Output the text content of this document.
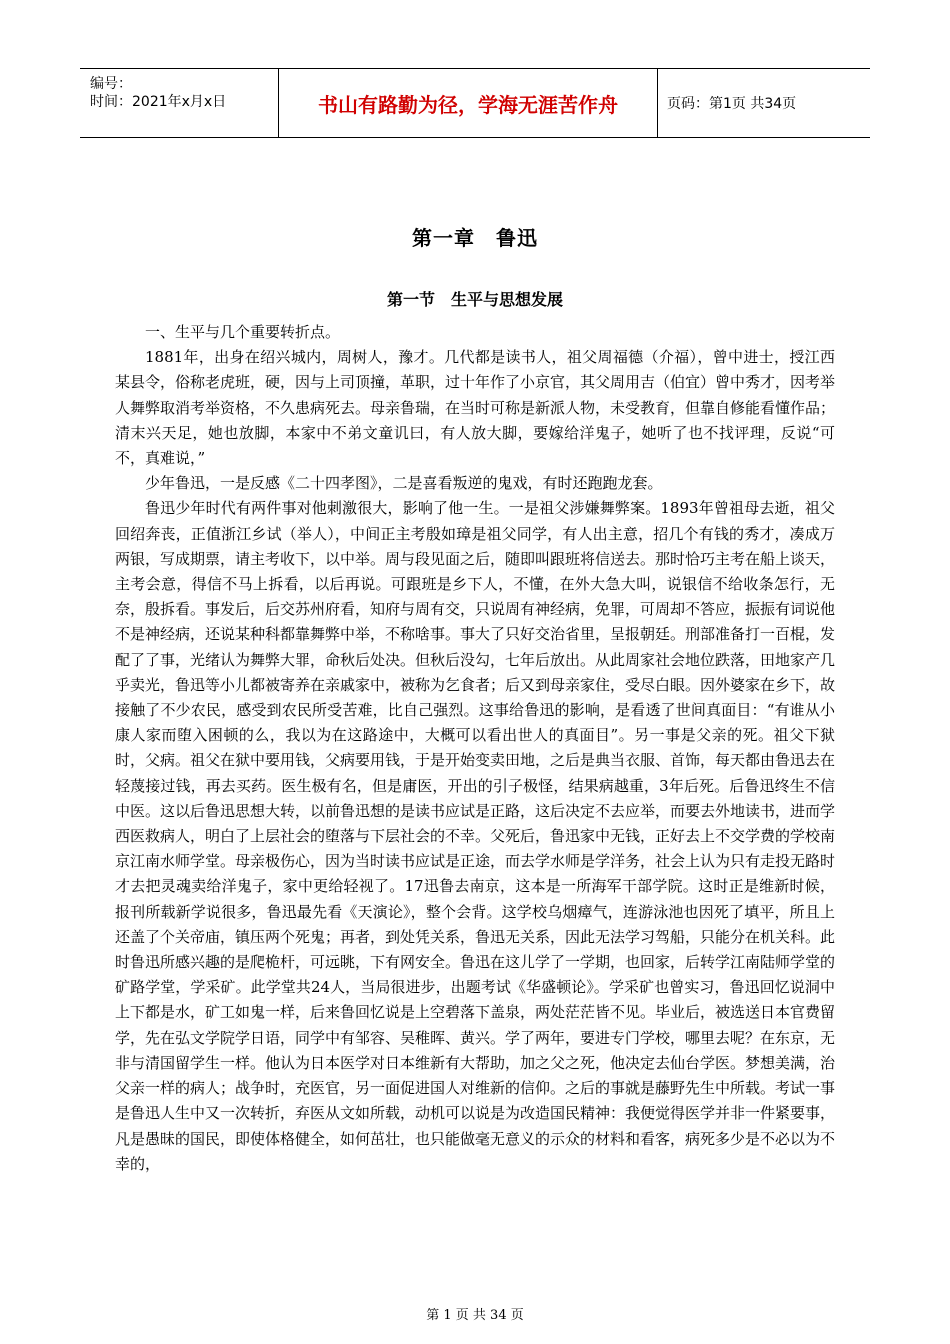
编号：
时间：2021年x月x日	书山有路勤为径，学海无涯苦作舟	页码：第1页 共34页
第一章　鲁迅
第一节　生平与思想发展

一、生平与几个重要转折点。

1881年，出身在绍兴城内，周树人，豫才。几代都是读书人，祖父周福德（介福），曾中进士，授江西某县令，俗称老虎班，硬，因与上司顶撞，革职，过十年作了小京官，其父周用吉（伯宜）曾中秀才，因考举人舞弊取消考举资格，不久患病死去。母亲鲁瑞，在当时可称是新派人物，未受教育，但靠自修能看懂作品；清末兴天足，她也放脚，本家中不弟文童讥曰，有人放大脚，要嫁给洋鬼子，她听了也不找评理，反说“可不，真难说，”

少年鲁迅，一是反感《二十四孝图》，二是喜看叛逆的鬼戏，有时还跑跑龙套。

鲁迅少年时代有两件事对他刺激很大，影响了他一生。一是祖父涉嫌舞弊案。1893年曾祖母去逝，祖父回绍奔丧，正值浙江乡试（举人），中间正主考殷如璋是祖父同学，有人出主意，招几个有钱的秀才，凑成万两银，写成期票，请主考收下，以中举。周与段见面之后，随即叫跟班将信送去。那时恰巧主考在船上谈天，主考会意，得信不马上拆看，以后再说。可跟班是乡下人，不懂，在外大急大叫，说银信不给收条怎行，无奈，殷拆看。事发后，后交苏州府看，知府与周有交，只说周有神经病，免罪，可周却不答应，振振有词说他不是神经病，还说某种科都靠舞弊中举，不称啥事。事大了只好交治省里，呈报朝廷。刑部准备打一百棍，发配了了事，光绪认为舞弊大罪，命秋后处决。但秋后没勾，七年后放出。从此周家社会地位跌落，田地家产几乎卖光，鲁迅等小儿都被寄养在亲戚家中，被称为乞食者；后又到母亲家住，受尽白眼。因外婆家在乡下，故接触了不少农民，感受到农民所受苦难，比自己强烈。这事给鲁迅的影响，是看透了世间真面目：“有谁从小康人家而堕入困顿的么，我以为在这路途中，大概可以看出世人的真面目”。另一事是父亲的死。祖父下狱时，父病。祖父在狱中要用钱，父病要用钱，于是开始变卖田地，之后是典当衣服、首饰，每天都由鲁迅去在轻蔑接过钱，再去买药。医生极有名，但是庸医，开出的引子极怪，结果病越重，3年后死。后鲁迅终生不信中医。这以后鲁迅思想大转，以前鲁迅想的是读书应试是正路，这后决定不去应举，而要去外地读书，进而学西医救病人，明白了上层社会的堕落与下层社会的不幸。父死后，鲁迅家中无钱，正好去上不交学费的学校南京江南水师学堂。母亲极伤心，因为当时读书应试是正途，而去学水师是学洋务，社会上认为只有走投无路时才去把灵魂卖给洋鬼子，家中更给轻视了。17迅鲁去南京，这本是一所海军干部学院。这时正是维新时候，报刊所载新学说很多，鲁迅最先看《天演论》，整个会背。这学校乌烟瘴气，连游泳池也因死了填平，所且上还盖了个关帝庙，镇压两个死鬼；再者，到处凭关系，鲁迅无关系，因此无法学习驾船，只能分在机关科。此时鲁迅所感兴趣的是爬桅杆，可远眺，下有网安全。鲁迅在这儿学了一学期，也回家，后转学江南陆师学堂的矿路学堂，学采矿。此学堂共24人，当局很进步，出题考试《华盛顿论》。学采矿也曾实习，鲁迅回忆说洞中上下都是水，矿工如鬼一样，后来鲁回忆说是上空碧落下盖泉，两处茫茫皆不见。毕业后，被选送日本官费留学，先在弘文学院学日语，同学中有邹容、吴稚晖、黄兴。学了两年，要进专门学校，哪里去呢？在东京，无非与清国留学生一样。他认为日本医学对日本维新有大帮助，加之父之死，他决定去仙台学医。梦想美满，治父亲一样的病人；战争时，充医官，另一面促进国人对维新的信仰。之后的事就是藤野先生中所载。考试一事是鲁迅人生中又一次转折，弃医从文如所载，动机可以说是为改造国民精神：我便觉得医学并非一件紧要事，凡是愚昧的国民，即使体格健全，如何茁壮，也只能做毫无意义的示众的材料和看客，病死多少是不必以为不幸的，

第 1 页 共 34 页
